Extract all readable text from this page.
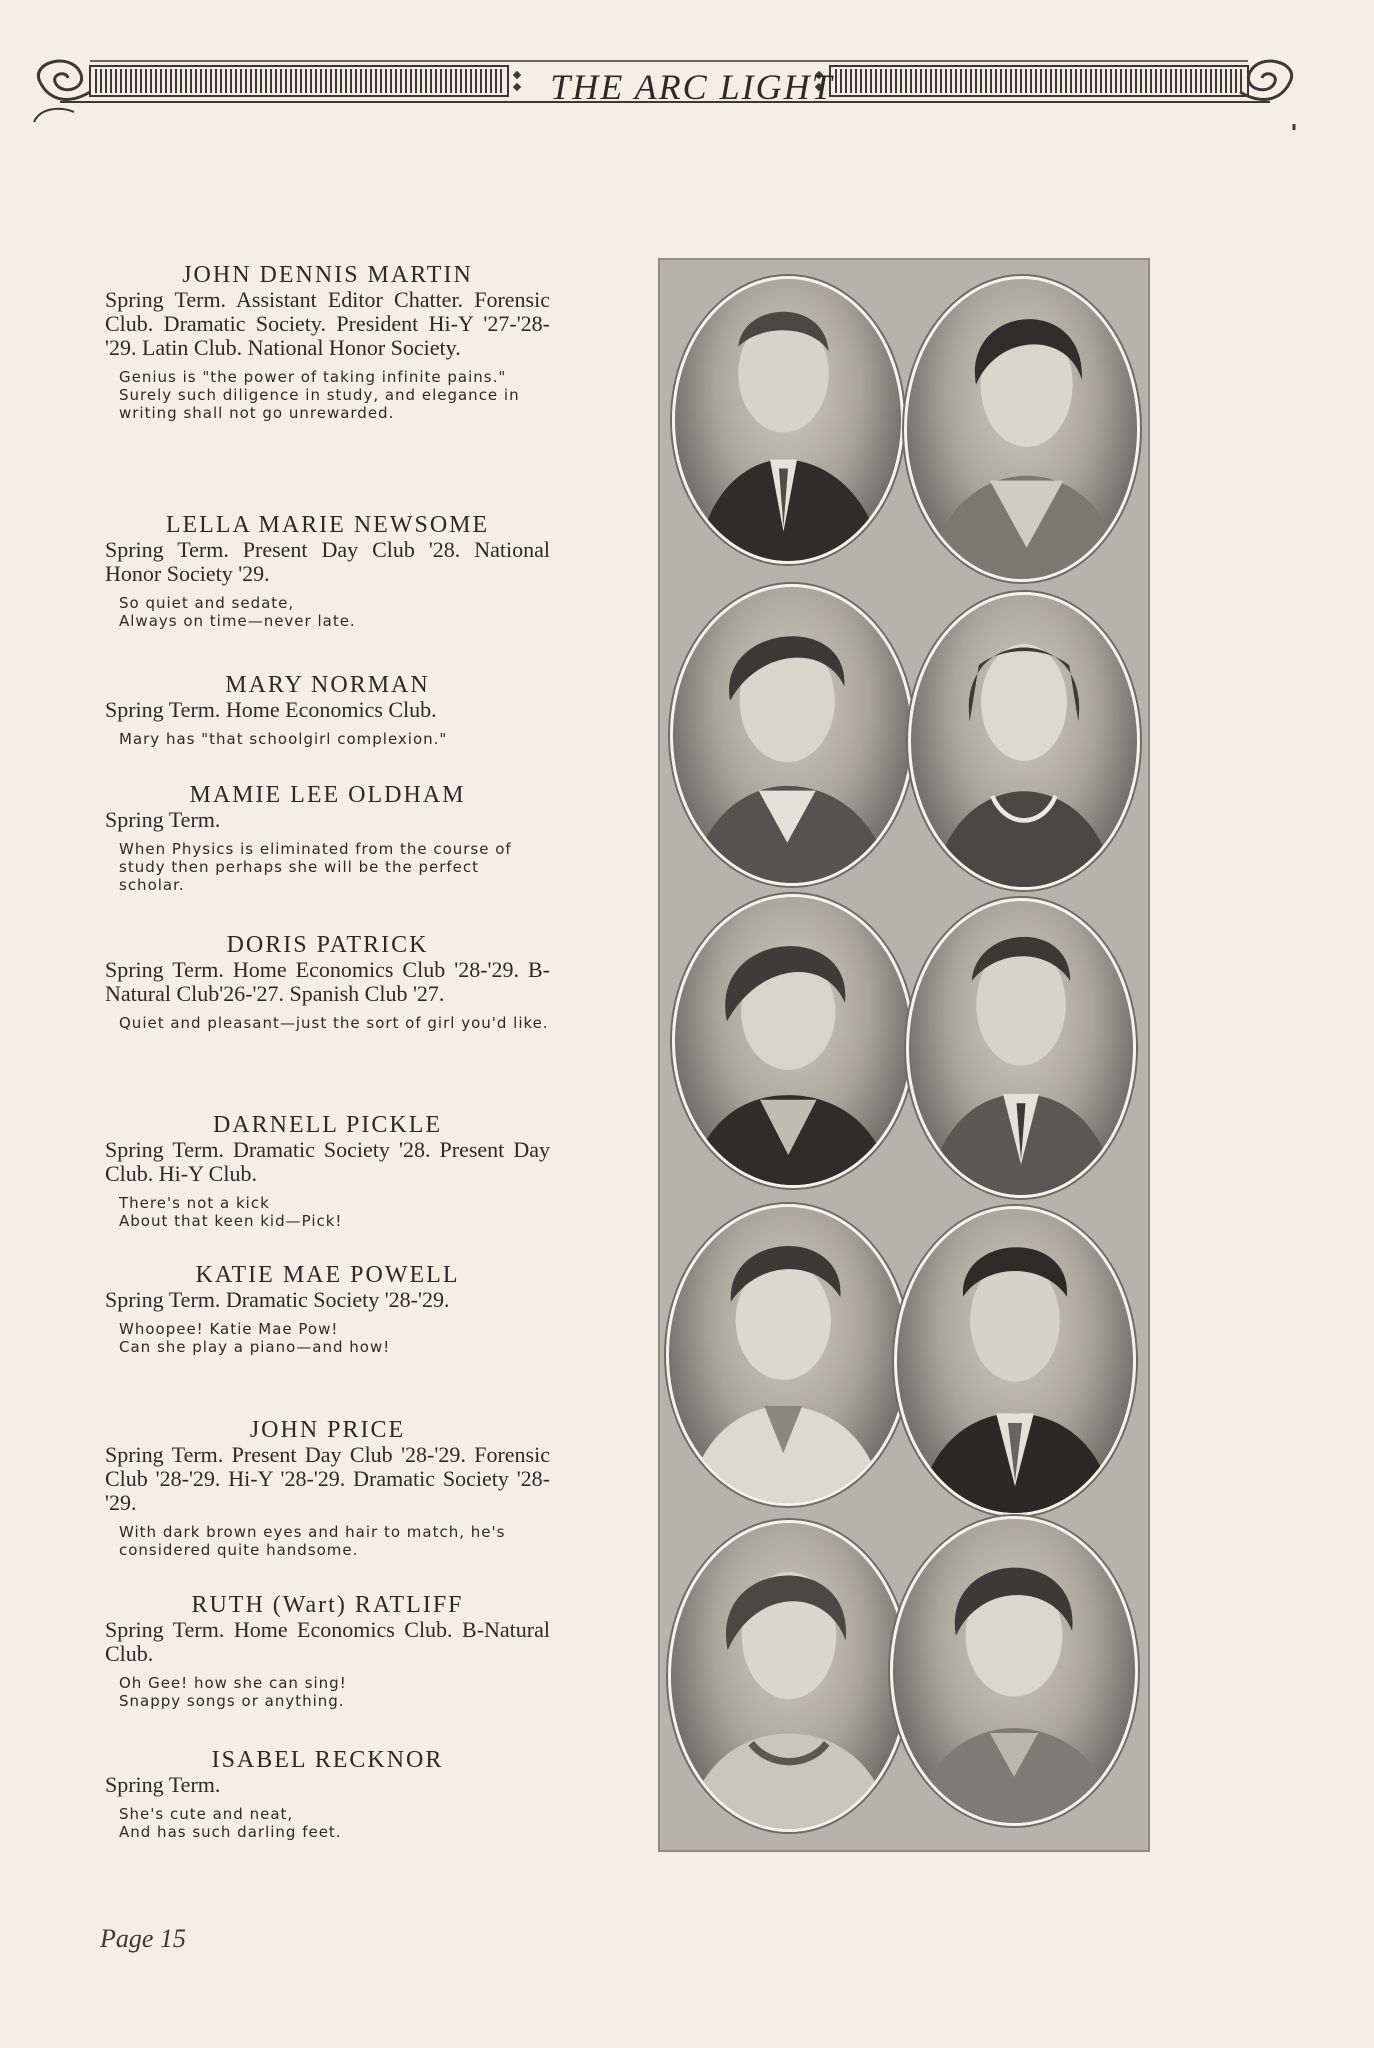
THE ARC LIGHT
JOHN DENNIS MARTIN

Spring Term. Assistant Editor Chatter. Forensic Club. Dramatic Society. President Hi-Y '27-'28-'29. Latin Club. National Honor Society.

Genius is "the power of taking infinite pains." Surely such diligence in study, and elegance in writing shall not go unrewarded.

LELLA MARIE NEWSOME

Spring Term. Present Day Club '28. National Honor Society '29.

So quiet and sedate,
Always on time—never late.

MARY NORMAN

Spring Term. Home Economics Club.

Mary has "that schoolgirl complexion."

MAMIE LEE OLDHAM

Spring Term.

When Physics is eliminated from the course of study then perhaps she will be the perfect scholar.

DORIS PATRICK

Spring Term. Home Economics Club '28-'29. B-Natural Club'26-'27. Spanish Club '27.

Quiet and pleasant—just the sort of girl you'd like.

DARNELL PICKLE

Spring Term. Dramatic Society '28. Present Day Club. Hi-Y Club.

There's not a kick
About that keen kid—Pick!

KATIE MAE POWELL

Spring Term. Dramatic Society '28-'29.

Whoopee! Katie Mae Pow!
Can she play a piano—and how!

JOHN PRICE

Spring Term. Present Day Club '28-'29. Forensic Club '28-'29. Hi-Y '28-'29. Dramatic Society '28-'29.

With dark brown eyes and hair to match, he's considered quite handsome.

RUTH (Wart) RATLIFF

Spring Term. Home Economics Club. B-Natural Club.

Oh Gee! how she can sing!
Snappy songs or anything.

ISABEL RECKNOR

Spring Term.

She's cute and neat,
And has such darling feet.

Page 15
